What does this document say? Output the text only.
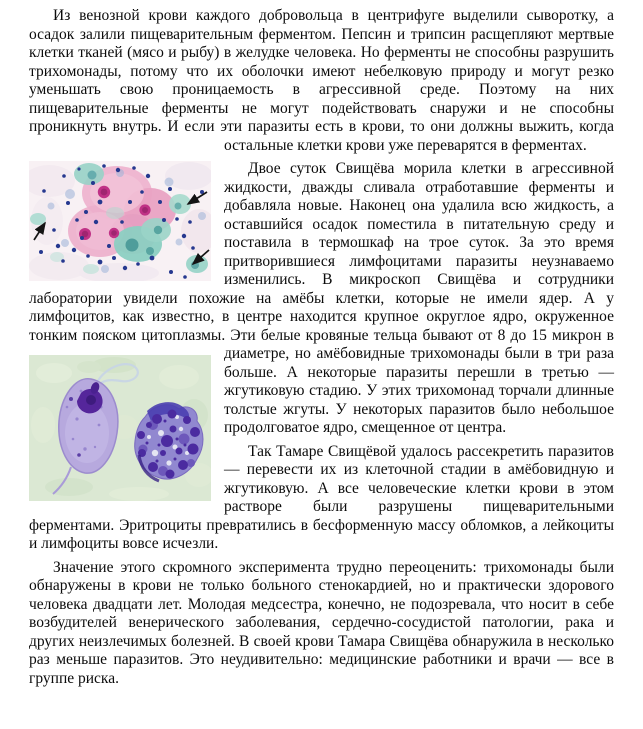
Из венозной крови каждого добровольца в центрифуге выделили сыворотку, а осадок залили пищеварительным ферментом. Пепсин и трипсин расщепляют мертвые клетки тканей (мясо и рыбу) в желудке человека. Но ферменты не способны разрушить трихомонады, потому что их оболочки имеют небелковую природу и могут резко уменьшать свою проницаемость в агрессивной среде. Поэтому на них пищеварительные ферменты не могут подействовать снаружи и не способны проникнуть внутрь. И если эти паразиты есть в крови, то они должны
выжить, когда остальные клетки крови уже переварятся в ферментах.

Двое суток Свищёва морила клетки в агрессивной жидкости, дважды сливала отработавшие ферменты и добавляла новые. Наконец она удалила всю жидкость, а оставшийся осадок поместила в питательную среду и поставила в термошкаф на трое суток. За это время притворившиеся лимфоцитами паразиты неузнаваемо изменились. В микроскоп Свищёва и сотрудники лаборатории увидели похожие на амёбы клетки, которые не имели ядер. А у лимфоцитов, как известно, в центре находится крупное округлое ядро, окруженное тонким пояском цитоплазмы. Эти белые кровяные тельца бывают от 8 до 15 микрон в диаметре, но амёбовидные
трихомонады были в три раза больше. А некоторые паразиты перешли в третью — жгутиковую стадию. У этих трихомонад торчали длинные толстые жгуты. У некоторых паразитов было небольшое продолговатое ядро, смещенное от центра.

Так Тамаре Свищёвой удалось рассекретить паразитов — перевести их из клеточной стадии в амёбовидную и жгутиковую. А все человеческие клетки крови в этом растворе были разрушены пищеварительными ферментами. Эритроциты превратились в бесформенную массу обломков, а лейкоциты и лимфоциты вовсе исчезли.

Значение этого скромного эксперимента трудно переоценить: трихомонады были обнаружены в крови не только больного стенокардией, но и практически здорового человека двадцати лет. Молодая медсестра, конечно, не подозревала, что носит в себе возбудителей венерического заболевания, сердечно-сосудистой патологии, рака и других неизлечимых болезней. В своей крови Тамара Свищёва обнаружила в несколько раз меньше паразитов. Это неудивительно: медицинские работники и врачи — все в группе риска.
